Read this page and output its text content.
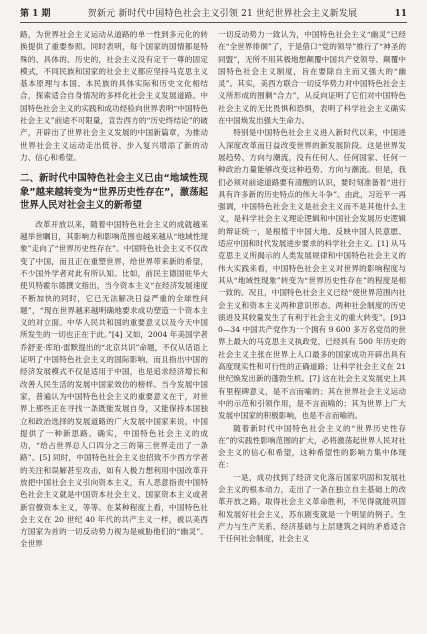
第 1 期	贺新元 新时代中国特色社会主义引领 21 世纪世界社会主义新发展	11

路，为世界社会主义运动从道路的单一性到多元化的转换提供了重要参照。同时表明，每个国家的国情都是特殊的、具体的、历史的，社会主义没有定于一尊的固定模式，不同民族和国家的社会主义都应坚持马克思主义基本原理与本国、本民族的具体实际和历史文化相结合，探索适合自身情况的多样化社会主义发展道路。中国特色社会主义的实践和成功经验向世界表明“中国特色社会主义”前途不可限量，宣告西方的“历史终结论”的破产，开辟出了世界社会主义发展的中国新篇章，为推动世界社会主义运动走出低谷、步入复兴增添了新的动力、信心和希望。

二、新时代中国特色社会主义已由“地域性现象”越来越转变为“世界历史性存在”，激荡起世界人民对社会主义的新希望

改革开放以来，随着中国特色社会主义的成就越来越举世瞩目，其影响力和影响范围也越来越从“地域性现象”走向了“世界历史性存在”。中国特色社会主义不仅改变了中国，而且正在重塑世界，给世界带来新的希望，不少国外学者对此有所认知。比如，前民主德国驻华大使贝特霍尔德撰文指出，当今资本主义“在经济发展速度不断加快的同时，它已无法解决日益严重的全球性问题”，“现在世界越来越明确地要求成功塑造一个资本主义的对立面。中华人民共和国的重要意义以及今天中国所发生的一切也正在于此。”[4] 又如，2004 年美国学者乔舒亚·库珀·雷默提出的“北京共识”命题，不仅从话语上证明了中国特色社会主义的国际影响，而且指出中国的经济发展模式不仅是适用于中国，也是追求经济增长和改善人民生活的发展中国家效仿的榜样。当今发展中国家，普遍认为中国特色社会主义的重要意义在于，对世界上那些正在寻找一条既能发展自身，又能保持本国独立和政治选择的发展道路的广大发展中国家来说，中国提供了一种新思路。确实，中国特色社会主义的成功，“给占世界总人口四分之三的第三世界走出了一条路”。[5] 同时，中国特色社会主义也招致不少西方学者的关注和误解甚至攻击，如有人极力想利用中国改革开放把中国社会主义引向资本主义，有人恶意指责中国特色社会主义就是中国资本社会主义、国家资本主义或者新官僚资本主义，等等。在某种程度上看，中国特色社会主义在 20 世纪 40 年代的共产主义一样，被以美西方国家为首的一切反动势力视为是威胁他们的“幽灵”。全世界

一切反动势力一致认为，中国特色社会主义“幽灵”已经在“全世界徘徊”了，于是借口“党的领导”推行了“神圣的同盟”，无所不用其极地想颠覆中国共产党领导、颠覆中国特色社会主义制度，旨在要除自主而又强大的“幽灵”。其实，美西方联合一切反华势力对中国特色社会主义所形成的围剿“合力”，从反向证明了它们对中国特色社会主义的无比畏惧和恐惧，表明了科学社会主义确实在中国焕发出强大生命力。

特别是中国特色社会主义进入新时代以来，中国进入深度改革而日益改变世界的新发展阶段。这是世界发展趋势、方向与潮流，没有任何人、任何国家、任何一种政治力量能够改变这种趋势、方向与潮流。但是，我们必须对前途道路要有清醒的认识，要时刻准备着“进行具有许多新的历史特点的伟大斗争”。由此，习近平一再强调，中国特色社会主义是社会主义而不是其他什么主义，是科学社会主义理论逻辑和中国社会发展历史逻辑的辩证统一，是根植于中国大地、反映中国人民意愿、适应中国和时代发展进步要求的科学社会主义。[1] 从马克思主义所揭示的人类发展规律和中国特色社会主义的伟大实践来看，中国特色社会主义对世界的影响程度与其从“地域性现象”转变为“世界历史性存在”的程度是相一致的。况且，中国特色社会主义已经“使世界范围内社会主义和资本主义两种意识形态、两种社会制度的历史演进及其较量发生了有利于社会主义的重大转变”。[9]30—34 中国共产党作为一个拥有 9 600 多万名党员的世界上最大的马克思主义执政党，已经具有 500 年历史的社会主义主张在世界上人口最多的国家成功开辟出具有高度现实性和可行性的正确道路；让科学社会主义在 21 世纪焕发出新的蓬勃生机。[7] 这在社会主义发展史上具有里程碑意义，是不言而喻的；其在世界社会主义运动中的示范和引领作用，是不言而喻的；其为世界上广大发展中国家的积极影响，也是不言而喻的。

随着新时代中国特色社会主义的“世界历史性存在”的实践性影响范围的扩大，必将激荡起世界人民对社会主义的信心和希望，这种希望性的影响力集中体现在：

一是，成功找到了经济文化落后国家巩固和发展社会主义的根本动力，走出了一条在独立自主基础上的改革开放之路。取得社会主义革命胜利，不见得就能巩固和发展好社会主义，苏东剧变就是一个明显的例子。生产力与生产关系、经济基础与上层建筑之间的矛盾适合于任何社会制度，社会主义
